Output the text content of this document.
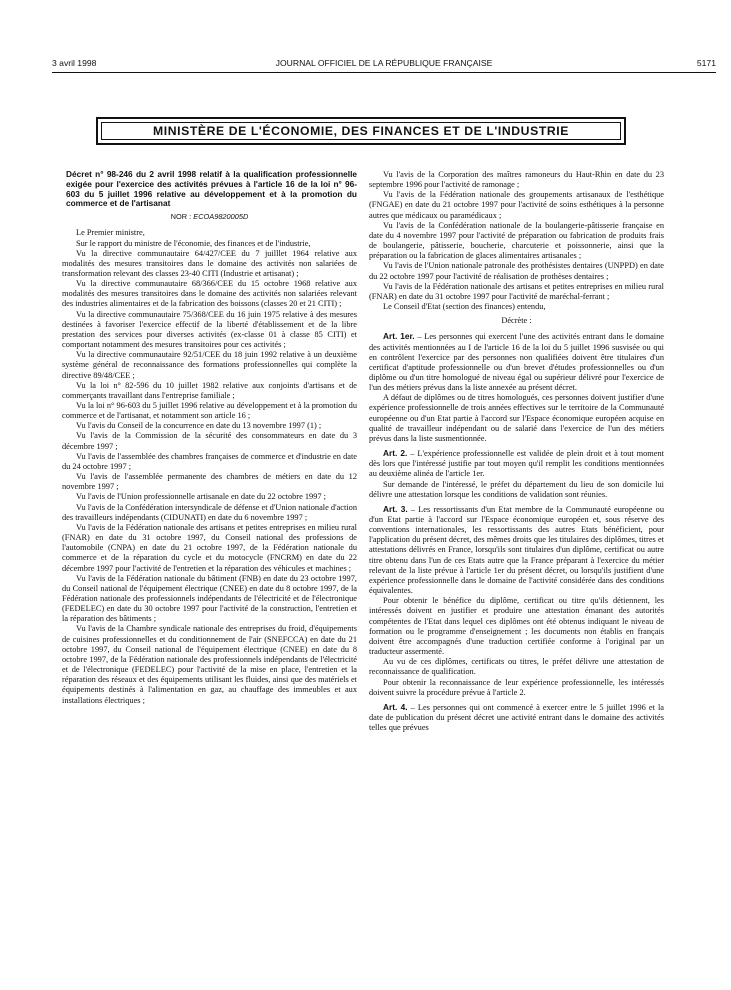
3 avril 1998	JOURNAL OFFICIEL DE LA RÉPUBLIQUE FRANÇAISE	5171
MINISTÈRE DE L'ÉCONOMIE, DES FINANCES ET DE L'INDUSTRIE
Décret n° 98-246 du 2 avril 1998 relatif à la qualification professionnelle exigée pour l'exercice des activités prévues à l'article 16 de la loi n° 96-603 du 5 juillet 1996 relative au développement et à la promotion du commerce et de l'artisanat
NOR : ECOA9820005D

Le Premier ministre,

Sur le rapport du ministre de l'économie, des finances et de l'industrie,

Vu la directive communautaire 64/427/CEE du 7 juilllet 1964 relative aux modalités des mesures transitoires dans le domaine des activités non salariées de transformation relevant des classes 23-40 CITI (Industrie et artisanat) ;

Vu la directive communautaire 68/366/CEE du 15 octobre 1968 relative aux modalités des mesures transitoires dans le domaine des activités non salariées relevant des industries alimentaires et de la fabrication des boissons (classes 20 et 21 CITI) ;

Vu la directive communautaire 75/368/CEE du 16 juin 1975 relative à des mesures destinées à favoriser l'exercice effectif de la liberté d'établissement et de la libre prestation des services pour diverses activités (ex-classe 01 à classe 85 CITI) et comportant notamment des mesures transitoires pour ces activités ;

Vu la directive communautaire 92/51/CEE du 18 juin 1992 relative à un deuxième système général de reconnaissance des formations professionnelles qui complète la directive 89/48/CEE ;

Vu la loi n° 82-596 du 10 juillet 1982 relative aux conjoints d'artisans et de commerçants travaillant dans l'entreprise familiale ;

Vu la loi n° 96-603 du 5 juillet 1996 relative au développement et à la promotion du commerce et de l'artisanat, et notamment son article 16 ;

Vu l'avis du Conseil de la concurrence en date du 13 novembre 1997 (1) ;

Vu l'avis de la Commission de la sécurité des consommateurs en date du 3 décembre 1997 ;

Vu l'avis de l'assemblée des chambres françaises de commerce et d'industrie en date du 24 octobre 1997 ;

Vu l'avis de l'assemblée permanente des chambres de métiers en date du 12 novembre 1997 ;

Vu l'avis de l'Union professionnelle artisanale en date du 22 octobre 1997 ;

Vu l'avis de la Confédération intersyndicale de défense et d'Union nationale d'action des travailleurs indépendants (CIDUNATI) en date du 6 novembre 1997 ;

Vu l'avis de la Fédération nationale des artisans et petites entreprises en milieu rural (FNAR) en date du 31 octobre 1997, du Conseil national des professions de l'automobile (CNPA) en date du 21 octobre 1997, de la Fédération nationale du commerce et de la réparation du cycle et du motocycle (FNCRM) en date du 22 décembre 1997 pour l'activité de l'entretien et la réparation des véhicules et machines ;

Vu l'avis de la Fédération nationale du bâtiment (FNB) en date du 23 octobre 1997, du Conseil national de l'équipement électrique (CNEE) en date du 8 octobre 1997, de la Fédération nationale des professionnels indépendants de l'électricité et de l'électronique (FEDELEC) en date du 30 octobre 1997 pour l'activité de la construction, l'entretien et la réparation des bâtiments ;

Vu l'avis de la Chambre syndicale nationale des entreprises du froid, d'équipements de cuisines professionnelles et du conditionnement de l'air (SNEFCCA) en date du 21 octobre 1997, du Conseil national de l'équipement électrique (CNEE) en date du 8 octobre 1997, de la Fédération nationale des professionnels indépendants de l'électricité et de l'électronique (FEDELEC) pour l'activité de la mise en place, l'entretien et la réparation des réseaux et des équipements utilisant les fluides, ainsi que des matériels et équipements destinés à l'alimentation en gaz, au chauffage des immeubles et aux installations électriques ;

Vu l'avis de la Corporation des maîtres ramoneurs du Haut-Rhin en date du 23 septembre 1996 pour l'activité de ramonage ;

Vu l'avis de la Fédération nationale des groupements artisanaux de l'esthétique (FNGAE) en date du 21 octobre 1997 pour l'activité de soins esthétiques à la personne autres que médicaux ou paramédicaux ;

Vu l'avis de la Confédération nationale de la boulangerie-pâtisserie française en date du 4 novembre 1997 pour l'activité de préparation ou fabrication de produits frais de boulangerie, pâtisserie, boucherie, charcuterie et poissonnerie, ainsi que la préparation ou la fabrication de glaces alimentaires artisanales ;

Vu l'avis de l'Union nationale patronale des prothésistes dentaires (UNPPD) en date du 22 octobre 1997 pour l'activité de réalisation de prothèses dentaires ;

Vu l'avis de la Fédération nationale des artisans et petites entreprises en milieu rural (FNAR) en date du 31 octobre 1997 pour l'activité de maréchal-ferrant ;

Le Conseil d'Etat (section des finances) entendu,

Décrète :

Art. 1er. – Les personnes qui exercent l'une des activités entrant dans le domaine des activités mentionnées au I de l'article 16 de la loi du 5 juillet 1996 susvisée ou qui en contrôlent l'exercice par des personnes non qualifiées doivent être titulaires d'un certificat d'aptitude professionnelle ou d'un brevet d'études professionnelles ou d'un diplôme ou d'un titre homologué de niveau égal ou supérieur délivré pour l'exercice de l'un des métiers prévus dans la liste annexée au présent décret.

A défaut de diplômes ou de titres homologués, ces personnes doivent justifier d'une expérience professionnelle de trois années effectives sur le territoire de la Communauté européenne ou d'un Etat partie à l'accord sur l'Espace économique européen acquise en qualité de travailleur indépendant ou de salarié dans l'exercice de l'un des métiers prévus dans la liste susmentionnée.

Art. 2. – L'expérience professionnelle est validée de plein droit et à tout moment dès lors que l'intéressé justifie par tout moyen qu'il remplit les conditions mentionnées au deuxième alinéa de l'article 1er.

Sur demande de l'intéressé, le préfet du département du lieu de son domicile lui délivre une attestation lorsque les conditions de validation sont réunies.

Art. 3. – Les ressortissants d'un Etat membre de la Communauté européenne ou d'un Etat partie à l'accord sur l'Espace économique européen et, sous réserve des conventions internationales, les ressortissants des autres Etats bénéficient, pour l'application du présent décret, des mêmes droits que les titulaires des diplômes, titres et attestations délivrés en France, lorsqu'ils sont titulaires d'un diplôme, certificat ou autre titre obtenu dans l'un de ces Etats autre que la France préparant à l'exercice du métier relevant de la liste prévue à l'article 1er du présent décret, ou lorsqu'ils justifient d'une expérience professionnelle dans le domaine de l'activité considérée dans des conditions équivalentes.

Pour obtenir le bénéfice du diplôme, certificat ou titre qu'ils détiennent, les intéressés doivent en justifier et produire une attestation émanant des autorités compétentes de l'Etat dans lequel ces diplômes ont été obtenus indiquant le niveau de formation ou le programme d'enseignement ; les documents non établis en français doivent être accompagnés d'une traduction certifiée conforme à l'original par un traducteur assermenté.

Au vu de ces diplômes, certificats ou titres, le préfet délivre une attestation de reconnaissance de qualification.

Pour obtenir la reconnaissance de leur expérience professionnelle, les intéressés doivent suivre la procédure prévue à l'article 2.

Art. 4. – Les personnes qui ont commencé à exercer entre le 5 juillet 1996 et la date de publication du présent décret une activité entrant dans le domaine des activités telles que prévues
